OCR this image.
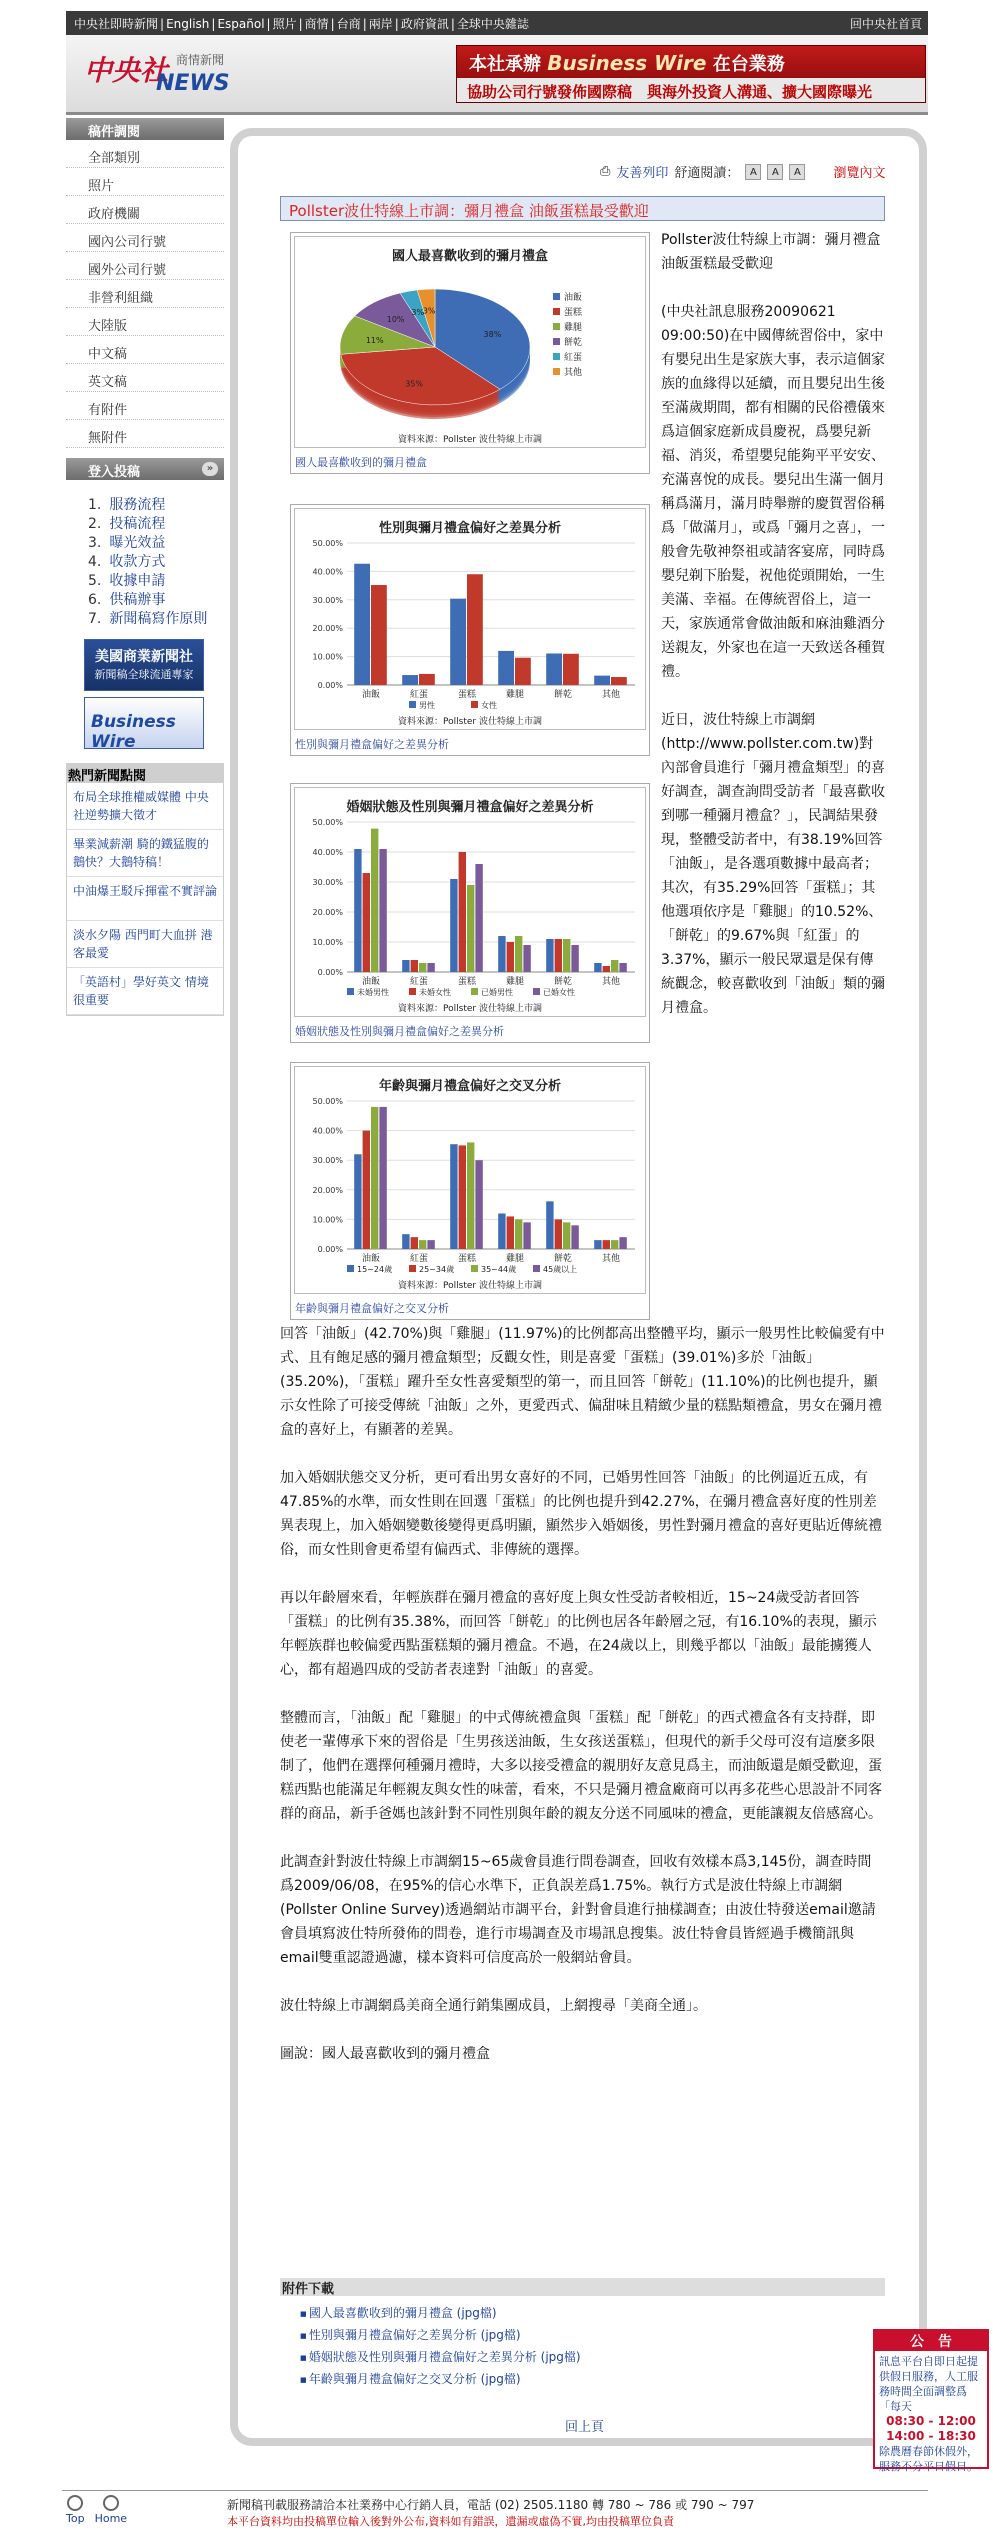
中央社即時新聞 | English | Español | 照片 | 商情 | 台商 | 兩岸 | 政府資訊 | 全球中央雜誌	回中央社首頁
中央社 商情新聞
NEWS
本社承辦 Business Wire 在台業務
協助公司行號發佈國際稿　與海外投資人溝通、擴大國際曝光
稿件調閱
全部類別
照片
政府機關
國內公司行號
國外公司行號
非營利組織
大陸版
中文稿
英文稿
有附件
無附件
登入投稿	»
1. 服務流程
2. 投稿流程
3. 曝光效益
4. 收款方式
5. 收據申請
6. 供稿辦事
7. 新聞稿寫作原則
美國商業新聞社
新聞稿全球流通專家
Business Wire
熱門新聞點閱
布局全球推權威媒體 中央社逆勢擴大徵才
畢業減薪潮 騎的鐵猛腹的鵝快？大鵝特稿！
中油爆王駁斥揮霍不實評論
淡水夕陽 西門町大血拼 港客最愛
「英語村」學好英文 情境很重要
⎙ 友善列印 舒適閱讀：	A	A	A	瀏覽內文
Pollster波仕特線上市調：彌月禮盒 油飯蛋糕最受歡迎
國人最喜歡收到的彌月禮盒
38%
35%
11%
10%
3%
3%
油飯
蛋糕
雞腿
餅乾
紅蛋
其他
資料來源：Pollster 波仕特線上市調
國人最喜歡收到的彌月禮盒
性別與彌月禮盒偏好之差異分析
0.00%
10.00%
20.00%
30.00%
40.00%
50.00%
油飯	紅蛋	蛋糕	雞腿	餅乾	其他
男性	女性
資料來源：Pollster 波仕特線上市調
性別與彌月禮盒偏好之差異分析
婚姻狀態及性別與彌月禮盒偏好之差異分析
0.00%
10.00%
20.00%
30.00%
40.00%
50.00%
油飯	紅蛋	蛋糕	雞腿	餅乾	其他
未婚男性	未婚女性	已婚男性	已婚女性
資料來源：Pollster 波仕特線上市調
婚姻狀態及性別與彌月禮盒偏好之差異分析
年齡與彌月禮盒偏好之交叉分析
0.00%
10.00%
20.00%
30.00%
40.00%
50.00%
油飯	紅蛋	蛋糕	雞腿	餅乾	其他
15~24歲	25~34歲	35~44歲	45歲以上
資料來源：Pollster 波仕特線上市調
年齡與彌月禮盒偏好之交叉分析

Pollster波仕特線上市調：彌月禮盒 油飯蛋糕最受歡迎

(中央社訊息服務20090621 09:00:50)在中國傳統習俗中，家中有嬰兒出生是家族大事，表示這個家族的血緣得以延續，而且嬰兒出生後至滿歲期間，都有相關的民俗禮儀來爲這個家庭新成員慶祝，爲嬰兒新福、消災，希望嬰兒能夠平平安安、充滿喜悅的成長。嬰兒出生滿一個月稱爲滿月，滿月時舉辦的慶賀習俗稱爲「做滿月」，或爲「彌月之喜」，一般會先敬神祭祖或請客宴席，同時爲嬰兒剃下胎髮，祝他從頭開始，一生美滿、幸福。在傳統習俗上，這一天，家族通常會做油飯和麻油雞酒分送親友，外家也在這一天致送各種賀禮。

近日，波仕特線上市調網(http://www.pollster.com.tw)對內部會員進行「彌月禮盒類型」的喜好調查，調查詢問受訪者「最喜歡收到哪一種彌月禮盒？」，民調結果發現，整體受訪者中，有38.19%回答「油飯」，是各選項數據中最高者；其次，有35.29%回答「蛋糕」；其他選項依序是「雞腿」的10.52%、「餅乾」的9.67%與「紅蛋」的3.37%，顯示一般民眾還是保有傳統觀念，較喜歡收到「油飯」類的彌月禮盒。

回答「油飯」(42.70%)與「雞腿」(11.97%)的比例都高出整體平均，顯示一般男性比較偏愛有中式、且有飽足感的彌月禮盒類型；反觀女性，則是喜愛「蛋糕」(39.01%)多於「油飯」(35.20%)，「蛋糕」躍升至女性喜愛類型的第一，而且回答「餅乾」(11.10%)的比例也提升，顯示女性除了可接受傳統「油飯」之外，更愛西式、偏甜味且精緻少量的糕點類禮盒，男女在彌月禮盒的喜好上，有顯著的差異。

加入婚姻狀態交叉分析，更可看出男女喜好的不同，已婚男性回答「油飯」的比例逼近五成，有47.85%的水準，而女性則在回選「蛋糕」的比例也提升到42.27%，在彌月禮盒喜好度的性別差異表現上，加入婚姻變數後變得更爲明顯，顯然步入婚姻後，男性對彌月禮盒的喜好更貼近傳統禮俗，而女性則會更希望有偏西式、非傳統的選擇。

再以年齡層來看，年輕族群在彌月禮盒的喜好度上與女性受訪者較相近，15~24歲受訪者回答「蛋糕」的比例有35.38%，而回答「餅乾」的比例也居各年齡層之冠，有16.10%的表現，顯示年輕族群也較偏愛西點蛋糕類的彌月禮盒。不過，在24歲以上，則幾乎都以「油飯」最能擄獲人心，都有超過四成的受訪者表達對「油飯」的喜愛。

整體而言，「油飯」配「雞腿」的中式傳統禮盒與「蛋糕」配「餅乾」的西式禮盒各有支持群，即使老一輩傳承下來的習俗是「生男孩送油飯，生女孩送蛋糕」，但現代的新手父母可沒有這麼多限制了，他們在選擇何種彌月禮時，大多以接受禮盒的親朋好友意見爲主，而油飯還是頗受歡迎，蛋糕西點也能滿足年輕親友與女性的味蕾，看來，不只是彌月禮盒廠商可以再多花些心思設計不同客群的商品，新手爸媽也該針對不同性別與年齡的親友分送不同風味的禮盒，更能讓親友倍感窩心。

此調查針對波仕特線上市調網15~65歲會員進行問卷調查，回收有效樣本爲3,145份，調查時間爲2009/06/08，在95%的信心水準下，正負誤差爲1.75%。執行方式是波仕特線上市調網(Pollster Online Survey)透過網站市調平台，針對會員進行抽樣調查；由波仕特發送email邀請會員填寫波仕特所發佈的問卷，進行市場調查及市場訊息搜集。波仕特會員皆經過手機簡訊與email雙重認證過濾，樣本資料可信度高於一般網站會員。

波仕特線上市調網爲美商全通行銷集團成員，上網搜尋「美商全通」。

圖說：國人最喜歡收到的彌月禮盒

附件下載
■ 國人最喜歡收到的彌月禮盒 (jpg檔)
■ 性別與彌月禮盒偏好之差異分析 (jpg檔)
■ 婚姻狀態及性別與彌月禮盒偏好之差異分析 (jpg檔)
■ 年齡與彌月禮盒偏好之交叉分析 (jpg檔)
回上頁
公　告
訊息平台自即日起提供假日服務，人工服務時間全面調整爲「每天
08:30 - 12:00
14:00 - 18:30
除農曆春節休假外，服務不分平日假日。
Top Home
新聞稿刊載服務請洽本社業務中心行銷人員，電話 (02) 2505.1180 轉 780 ~ 786 或 790 ~ 797
本平台資料均由投稿單位輸入後對外公布,資料如有錯誤，遺漏或虛偽不實,均由投稿單位負責
